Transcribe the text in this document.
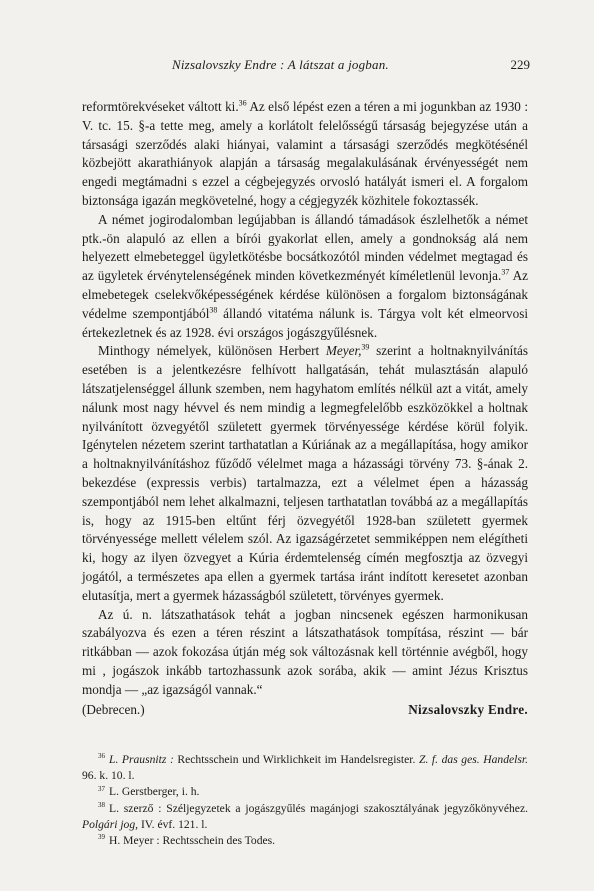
Nizsalovszky Endre : A látszat a jogban.	229

reformtörekvéseket váltott ki.$^{36}$ Az első lépést ezen a téren a mi jogunkban az 1930 : V. tc. 15. §-a tette meg, amely a korlátolt felelősségű társaság bejegyzése után a társasági szerződés alaki hiányai, valamint a társasági szerződés megkötésénél közbejött akarathiányok alapján a társaság megalakulásának érvényességét nem engedi megtámadni s ezzel a cégbejegyzés orvosló hatályát ismeri el. A forgalom biztonsága igazán megkövetelné, hogy a cégjegyzék közhitele fokoztassék.

A német jogirodalomban legújabban is állandó támadások észlelhetők a német ptk.-ön alapuló az ellen a bírói gyakorlat ellen, amely a gondnokság alá nem helyezett elmebeteggel ügyletkötésbe bocsátkozótól minden védelmet megtagad és az ügyletek érvénytelenségének minden következményét kíméletlenül levonja.$^{37}$ Az elmebetegek cselekvőképességének kérdése különösen a forgalom biztonságának védelme szempontjából$^{38}$ állandó vitatéma nálunk is. Tárgya volt két elmeorvosi értekezletnek és az 1928. évi országos jogászgyűlésnek.

Minthogy némelyek, különösen Herbert Meyer,$^{39}$ szerint a holtnaknyilvánítás esetében is a jelentkezésre felhívott hallgatásán, tehát mulasztásán alapuló látszatjelenséggel állunk szemben, nem hagyhatom említés nélkül azt a vitát, amely nálunk most nagy hévvel és nem mindig a legmegfelelőbb eszközökkel a holtnak nyilvánított özvegyétől született gyermek törvényessége kérdése körül folyik. Igénytelen nézetem szerint tarthatatlan a Kúriának az a megállapítása, hogy amikor a holtnaknyilvánításhoz fűződő vélelmet maga a házassági törvény 73. §-ának 2. bekezdése (expressis verbis) tartalmazza, ezt a vélelmet épen a házasság szempontjából nem lehet alkalmazni, teljesen tarthatatlan továbbá az a megállapítás is, hogy az 1915-ben eltűnt férj özvegyétől 1928-ban született gyermek törvényessége mellett vélelem szól. Az igazságérzetet semmiképpen nem elégítheti ki, hogy az ilyen özvegyet a Kúria érdemtelenség címén megfosztja az özvegyi jogától, a természetes apa ellen a gyermek tartása iránt indított keresetet azonban elutasítja, mert a gyermek házasságból született, törvényes gyermek.

Az ú. n. látszathatások tehát a jogban nincsenek egészen harmonikusan szabályozva és ezen a téren részint a látszathatások tompítása, részint — bár ritkábban — azok fokozása útján még sok változásnak kell történnie avégből, hogy mi , jogászok inkább tartozhassunk azok sorába, akik — amint Jézus Krisztus mondja — „az igazságól vannak.“

(Debrecen.)	Nizsalovszky Endre.

$^{36}$ L. Prausnitz : Rechtsschein und Wirklichkeit im Handelsregister. Z. f. das ges. Handelsr. 96. k. 10. l.

$^{37}$ L. Gerstberger, i. h.

$^{38}$ L. szerző : Széljegyzetek a jogászgyűlés magánjogi szakosztályának jegyzőkönyvéhez. Polgári jog, IV. évf. 121. l.

$^{39}$ H. Meyer : Rechtsschein des Todes.
